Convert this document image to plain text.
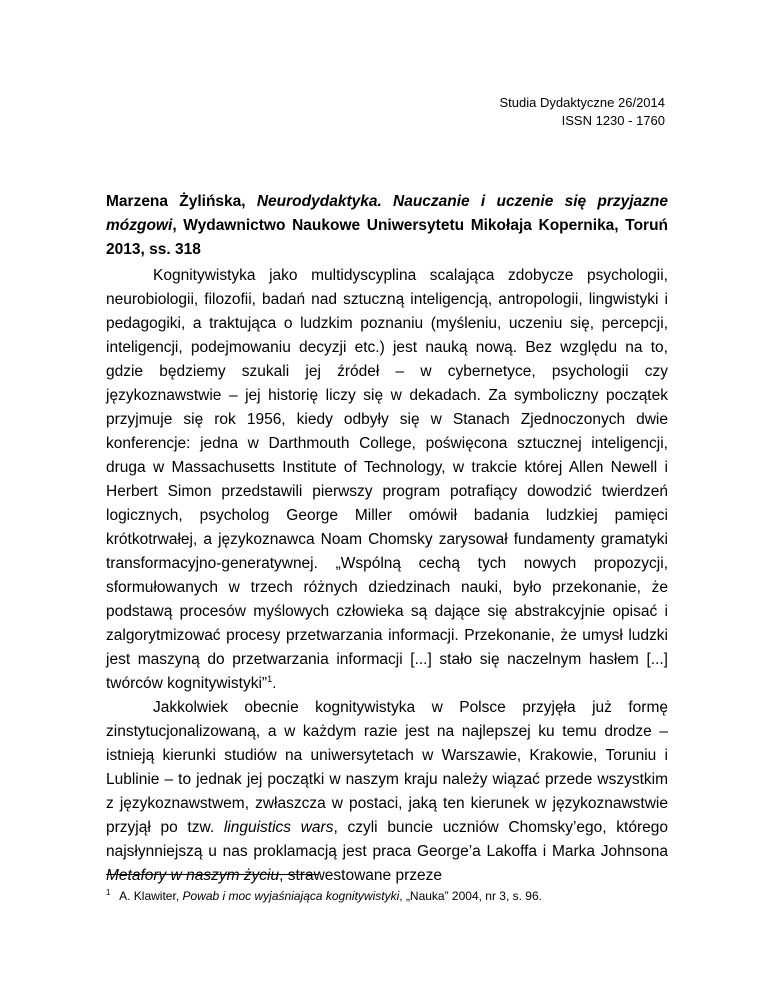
Studia Dydaktyczne 26/2014
ISSN 1230 - 1760
Marzena Żylińska, Neurodydaktyka. Nauczanie i uczenie się przyjazne mózgowi, Wydawnictwo Naukowe Uniwersytetu Mikołaja Kopernika, Toruń 2013, ss. 318

Kognitywistyka jako multidyscyplina scalająca zdobycze psychologii, neurobiologii, filozofii, badań nad sztuczną inteligencją, antropologii, lingwistyki i pedagogiki, a traktująca o ludzkim poznaniu (myśleniu, uczeniu się, percepcji, inteligencji, podejmowaniu decyzji etc.) jest nauką nową. Bez względu na to, gdzie będziemy szukali jej źródeł – w cybernetyce, psychologii czy językoznawstwie – jej historię liczy się w dekadach. Za symboliczny początek przyjmuje się rok 1956, kiedy odbyły się w Stanach Zjednoczonych dwie konferencje: jedna w Darthmouth College, poświęcona sztucznej inteligencji, druga w Massachusetts Institute of Technology, w trakcie której Allen Newell i Herbert Simon przedstawili pierwszy program potrafiący dowodzić twierdzeń logicznych, psycholog George Miller omówił badania ludzkiej pamięci krótkotrwałej, a językoznawca Noam Chomsky zarysował fundamenty gramatyki transformacyjno-generatywnej. „Wspólną cechą tych nowych propozycji, sformułowanych w trzech różnych dziedzinach nauki, było przekonanie, że podstawą procesów myślowych człowieka są dające się abstrakcyjnie opisać i zalgorytmizować procesy przetwarzania informacji. Przekonanie, że umysł ludzki jest maszyną do przetwarzania informacji [...] stało się naczelnym hasłem [...] twórców kognitywistyki”$^1$.

Jakkolwiek obecnie kognitywistyka w Polsce przyjęła już formę zinstytucjonalizowaną, a w każdym razie jest na najlepszej ku temu drodze – istnieją kierunki studiów na uniwersytetach w Warszawie, Krakowie, Toruniu i Lublinie – to jednak jej początki w naszym kraju należy wiązać przede wszystkim z językoznawstwem, zwłaszcza w postaci, jaką ten kierunek w językoznawstwie przyjął po tzw. linguistics wars, czyli buncie uczniów Chomsky’ego, którego najsłynniejszą u nas proklamacją jest praca George’a Lakoffa i Marka Johnsona Metafory w naszym życiu, strawestowane przeze

$^1$ A. Klawiter, Powab i moc wyjaśniająca kognitywistyki, „Nauka” 2004, nr 3, s. 96.
